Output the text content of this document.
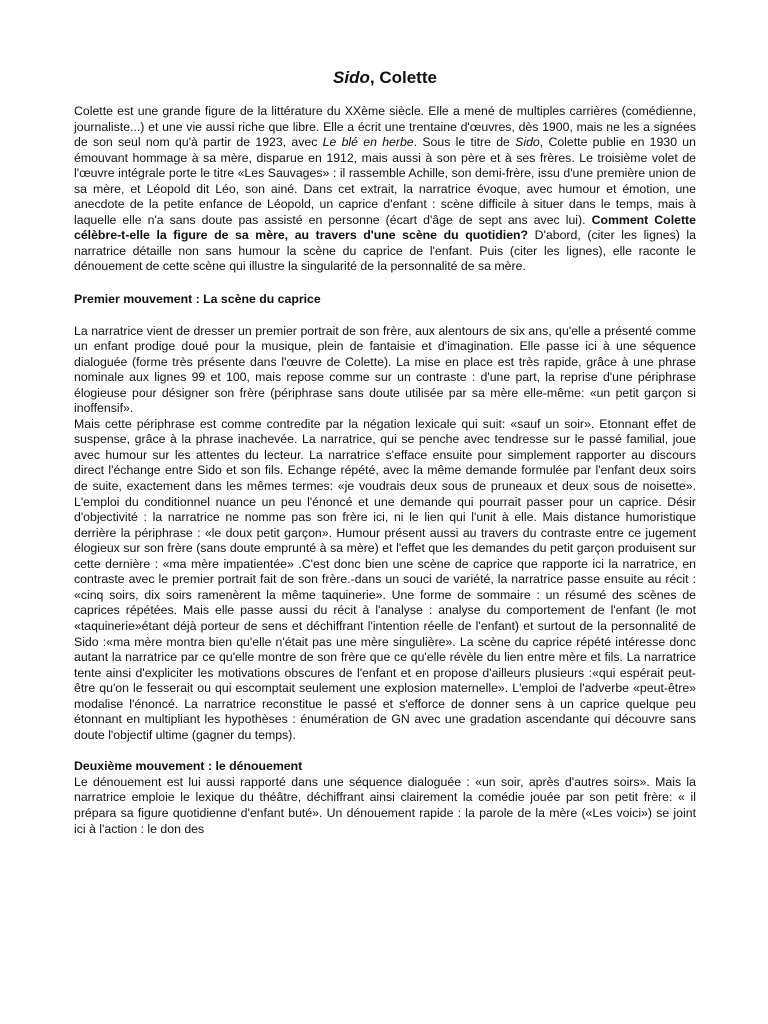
Sido, Colette

Colette est une grande figure de la littérature du XXème siècle. Elle a mené de multiples carrières (comédienne, journaliste...) et une vie aussi riche que libre. Elle a écrit une trentaine d'œuvres, dès 1900, mais ne les a signées de son seul nom qu'à partir de 1923, avec Le blé en herbe. Sous le titre de Sido, Colette publie en 1930 un émouvant hommage à sa mère, disparue en 1912, mais aussi à son père et à ses frères. Le troisième volet de l'œuvre intégrale porte le titre «Les Sauvages» : il rassemble Achille, son demi-frère, issu d'une première union de sa mère, et Léopold dit Léo, son ainé. Dans cet extrait, la narratrice évoque, avec humour et émotion, une anecdote de la petite enfance de Léopold, un caprice d'enfant : scène difficile à situer dans le temps, mais à laquelle elle n'a sans doute pas assisté en personne (écart d'âge de sept ans avec lui). Comment Colette célèbre-t-elle la figure de sa mère, au travers d'une scène du quotidien? D'abord, (citer les lignes) la narratrice détaille non sans humour la scène du caprice de l'enfant. Puis (citer les lignes), elle raconte le dénouement de cette scène qui illustre la singularité de la personnalité de sa mère.

Premier mouvement : La scène du caprice

La narratrice vient de dresser un premier portrait de son frère, aux alentours de six ans, qu'elle a présenté comme un enfant prodige doué pour la musique, plein de fantaisie et d'imagination. Elle passe ici à une séquence dialoguée (forme très présente dans l'œuvre de Colette). La mise en place est très rapide, grâce à une phrase nominale aux lignes 99 et 100, mais repose comme sur un contraste : d'une part, la reprise d'une périphrase élogieuse pour désigner son frère (périphrase sans doute utilisée par sa mère elle-même: «un petit garçon si inoffensif».

Mais cette périphrase est comme contredite par la négation lexicale qui suit: «sauf un soir». Etonnant effet de suspense, grâce à la phrase inachevée. La narratrice, qui se penche avec tendresse sur le passé familial, joue avec humour sur les attentes du lecteur. La narratrice s'efface ensuite pour simplement rapporter au discours direct l'échange entre Sido et son fils. Echange répété, avec la même demande formulée par l'enfant deux soirs de suite, exactement dans les mêmes termes: «je voudrais deux sous de pruneaux et deux sous de noisette». L'emploi du conditionnel nuance un peu l'énoncé et une demande qui pourrait passer pour un caprice. Désir d'objectivité : la narratrice ne nomme pas son frère ici, ni le lien qui l'unit à elle. Mais distance humoristique derrière la périphrase : «le doux petit garçon». Humour présent aussi au travers du contraste entre ce jugement élogieux sur son frère (sans doute emprunté à sa mère) et l'effet que les demandes du petit garçon produisent sur cette dernière : «ma mère impatientée» .C'est donc bien une scène de caprice que rapporte ici la narratrice, en contraste avec le premier portrait fait de son frère.-dans un souci de variété, la narratrice passe ensuite au récit : «cinq soirs, dix soirs ramenèrent la même taquinerie». Une forme de sommaire : un résumé des scènes de caprices répétées. Mais elle passe aussi du récit à l'analyse : analyse du comportement de l'enfant (le mot «taquinerie»étant déjà porteur de sens et déchiffrant l'intention réelle de l'enfant) et surtout de la personnalité de Sido :«ma mère montra bien qu'elle n'était pas une mère singulière». La scène du caprice répété intéresse donc autant la narratrice par ce qu'elle montre de son frère que ce qu'elle révèle du lien entre mère et fils. La narratrice tente ainsi d'expliciter les motivations obscures de l'enfant et en propose d'ailleurs plusieurs :«qui espérait peut-être qu'on le fesserait ou qui escomptait seulement une explosion maternelle». L'emploi de l'adverbe «peut-être» modalise l'énoncé. La narratrice reconstitue le passé et s'efforce de donner sens à un caprice quelque peu étonnant en multipliant les hypothèses : énumération de GN avec une gradation ascendante qui découvre sans doute l'objectif ultime (gagner du temps).

Deuxième mouvement : le dénouement

Le dénouement est lui aussi rapporté dans une séquence dialoguée : «un soir, après d'autres soirs». Mais la narratrice emploie le lexique du théâtre, déchiffrant ainsi clairement la comédie jouée par son petit frère: « il prépara sa figure quotidienne d'enfant buté». Un dénouement rapide : la parole de la mère («Les voici») se joint ici à l'action : le don des
